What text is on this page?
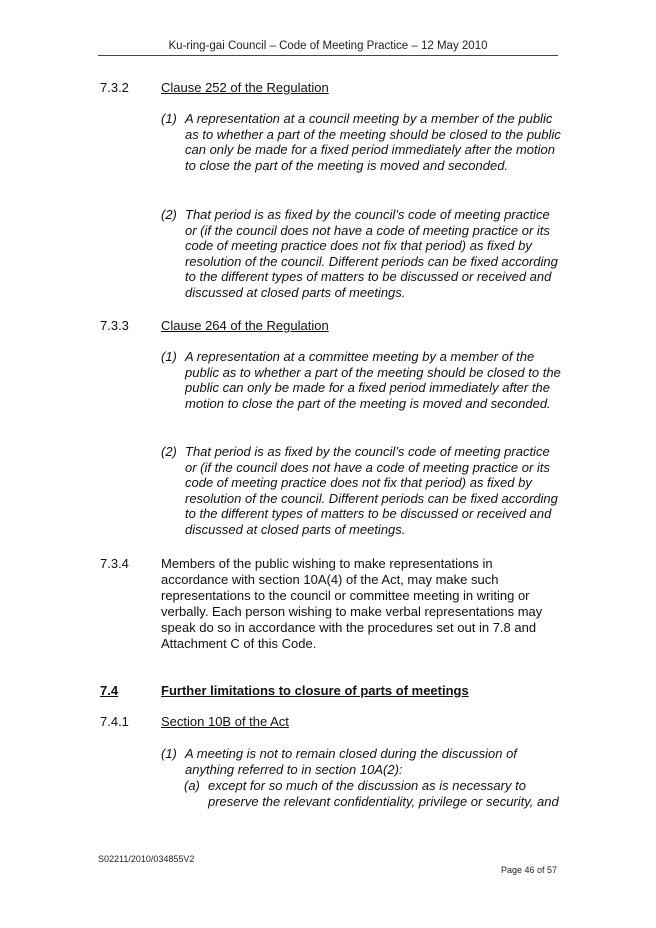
Ku-ring-gai Council – Code of Meeting Practice – 12 May 2010
7.3.2 Clause 252 of the Regulation
(1) A representation at a council meeting by a member of the public as to whether a part of the meeting should be closed to the public can only be made for a fixed period immediately after the motion to close the part of the meeting is moved and seconded.
(2) That period is as fixed by the council’s code of meeting practice or (if the council does not have a code of meeting practice or its code of meeting practice does not fix that period) as fixed by resolution of the council. Different periods can be fixed according to the different types of matters to be discussed or received and discussed at closed parts of meetings.
7.3.3 Clause 264 of the Regulation
(1) A representation at a committee meeting by a member of the public as to whether a part of the meeting should be closed to the public can only be made for a fixed period immediately after the motion to close the part of the meeting is moved and seconded.
(2) That period is as fixed by the council’s code of meeting practice or (if the council does not have a code of meeting practice or its code of meeting practice does not fix that period) as fixed by resolution of the council. Different periods can be fixed according to the different types of matters to be discussed or received and discussed at closed parts of meetings.
7.3.4 Members of the public wishing to make representations in accordance with section 10A(4) of the Act, may make such representations to the council or committee meeting in writing or verbally. Each person wishing to make verbal representations may speak do so in accordance with the procedures set out in 7.8 and Attachment C of this Code.
7.4	Further limitations to closure of parts of meetings
7.4.1 Section 10B of the Act
(1) A meeting is not to remain closed during the discussion of anything referred to in section 10A(2):
(a) except for so much of the discussion as is necessary to preserve the relevant confidentiality, privilege or security, and
S02211/2010/034855V2
Page 46 of 57
